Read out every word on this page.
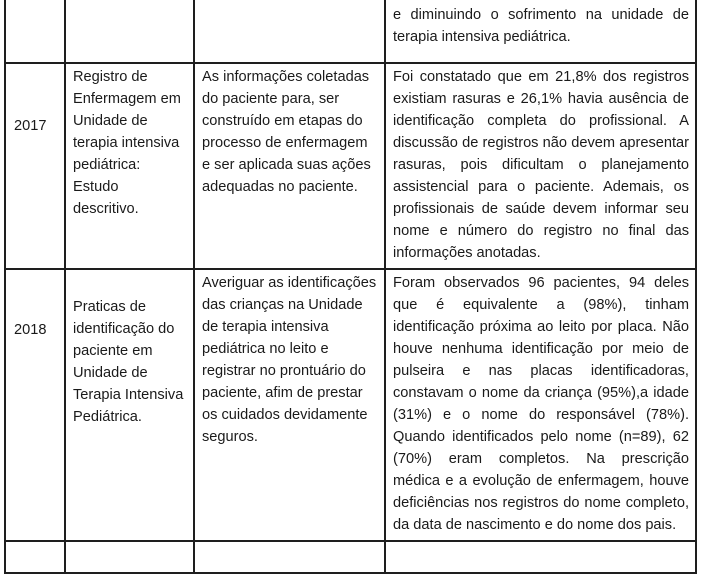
			e diminuindo o sofrimento na unidade de terapia intensiva pediátrica.

2017	Registro de Enfermagem em Unidade de terapia intensiva pediátrica: Estudo descritivo.	As informações coletadas do paciente para, ser construído em etapas do processo de enfermagem e ser aplicada suas ações adequadas no paciente.	Foi constatado que em 21,8% dos registros existiam rasuras e 26,1% havia ausência de identificação completa do profissional. A discussão de registros não devem apresentar rasuras, pois dificultam o planejamento assistencial para o paciente. Ademais, os profissionais de saúde devem informar seu nome e número do registro no final das informações anotadas.

2018	Praticas de identificação do paciente em Unidade de Terapia Intensiva Pediátrica.	Averiguar as identificações das crianças na Unidade de terapia intensiva pediátrica no leito e registrar no prontuário do paciente, afim de prestar os cuidados devidamente seguros.	Foram observados 96 pacientes, 94 deles que é equivalente a (98%), tinham identificação próxima ao leito por placa. Não houve nenhuma identificação por meio de pulseira e nas placas identificadoras, constavam o nome da criança (95%),a idade (31%) e o nome do responsável (78%). Quando identificados pelo nome (n=89), 62 (70%) eram completos. Na prescrição médica e a evolução de enfermagem, houve deficiências nos registros do nome completo, da data de nascimento e do nome dos pais.
